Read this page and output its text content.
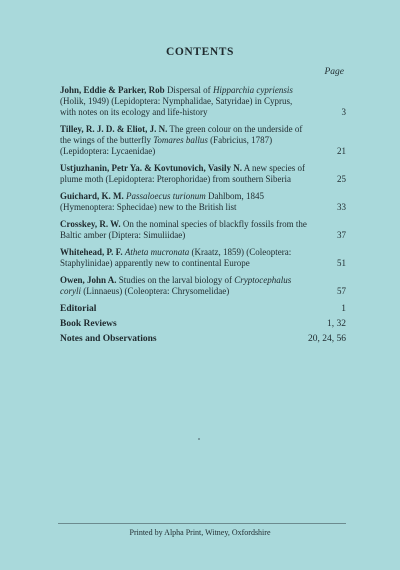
CONTENTS
Page
John, Eddie & Parker, Rob Dispersal of Hipparchia cypriensis (Holik, 1949) (Lepidoptera: Nymphalidae, Satyridae) in Cyprus, with notes on its ecology and life-history	3
Tilley, R. J. D. & Eliot, J. N. The green colour on the underside of the wings of the butterfly Tomares ballus (Fabricius, 1787) (Lepidoptera: Lycaenidae)	21
Ustjuzhanin, Petr Ya. & Kovtunovich, Vasily N. A new species of plume moth (Lepidoptera: Pterophoridae) from southern Siberia	25
Guichard, K. M. Passaloecus turionum Dahlbom, 1845 (Hymenoptera: Sphecidae) new to the British list	33
Crosskey, R. W. On the nominal species of blackfly fossils from the Baltic amber (Diptera: Simuliidae)	37
Whitehead, P. F. Atheta mucronata (Kraatz, 1859) (Coleoptera: Staphylinidae) apparently new to continental Europe	51
Owen, John A. Studies on the larval biology of Cryptocephalus coryli (Linnaeus) (Coleoptera: Chrysomelidae)	57
Editorial	1
Book Reviews	1, 32
Notes and Observations	20, 24, 56
Printed by Alpha Print, Witney, Oxfordshire
